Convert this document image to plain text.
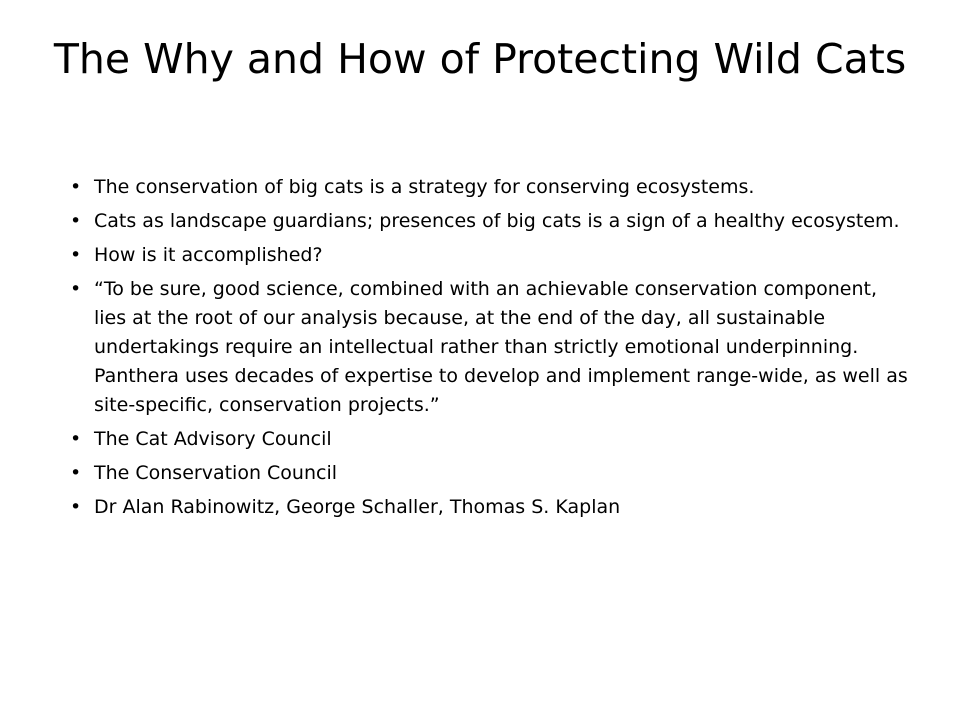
The Why and How of Protecting Wild Cats
• The conservation of big cats is a strategy for conserving ecosystems.
• Cats as landscape guardians; presences of big cats is a sign of a healthy ecosystem.
• How is it accomplished?
• “To be sure, good science, combined with an achievable conservation component, lies at the root of our analysis because, at the end of the day, all sustainable undertakings require an intellectual rather than strictly emotional underpinning. Panthera uses decades of expertise to develop and implement range-wide, as well as site-specific, conservation projects.”
• The Cat Advisory Council
• The Conservation Council
• Dr Alan Rabinowitz, George Schaller, Thomas S. Kaplan
